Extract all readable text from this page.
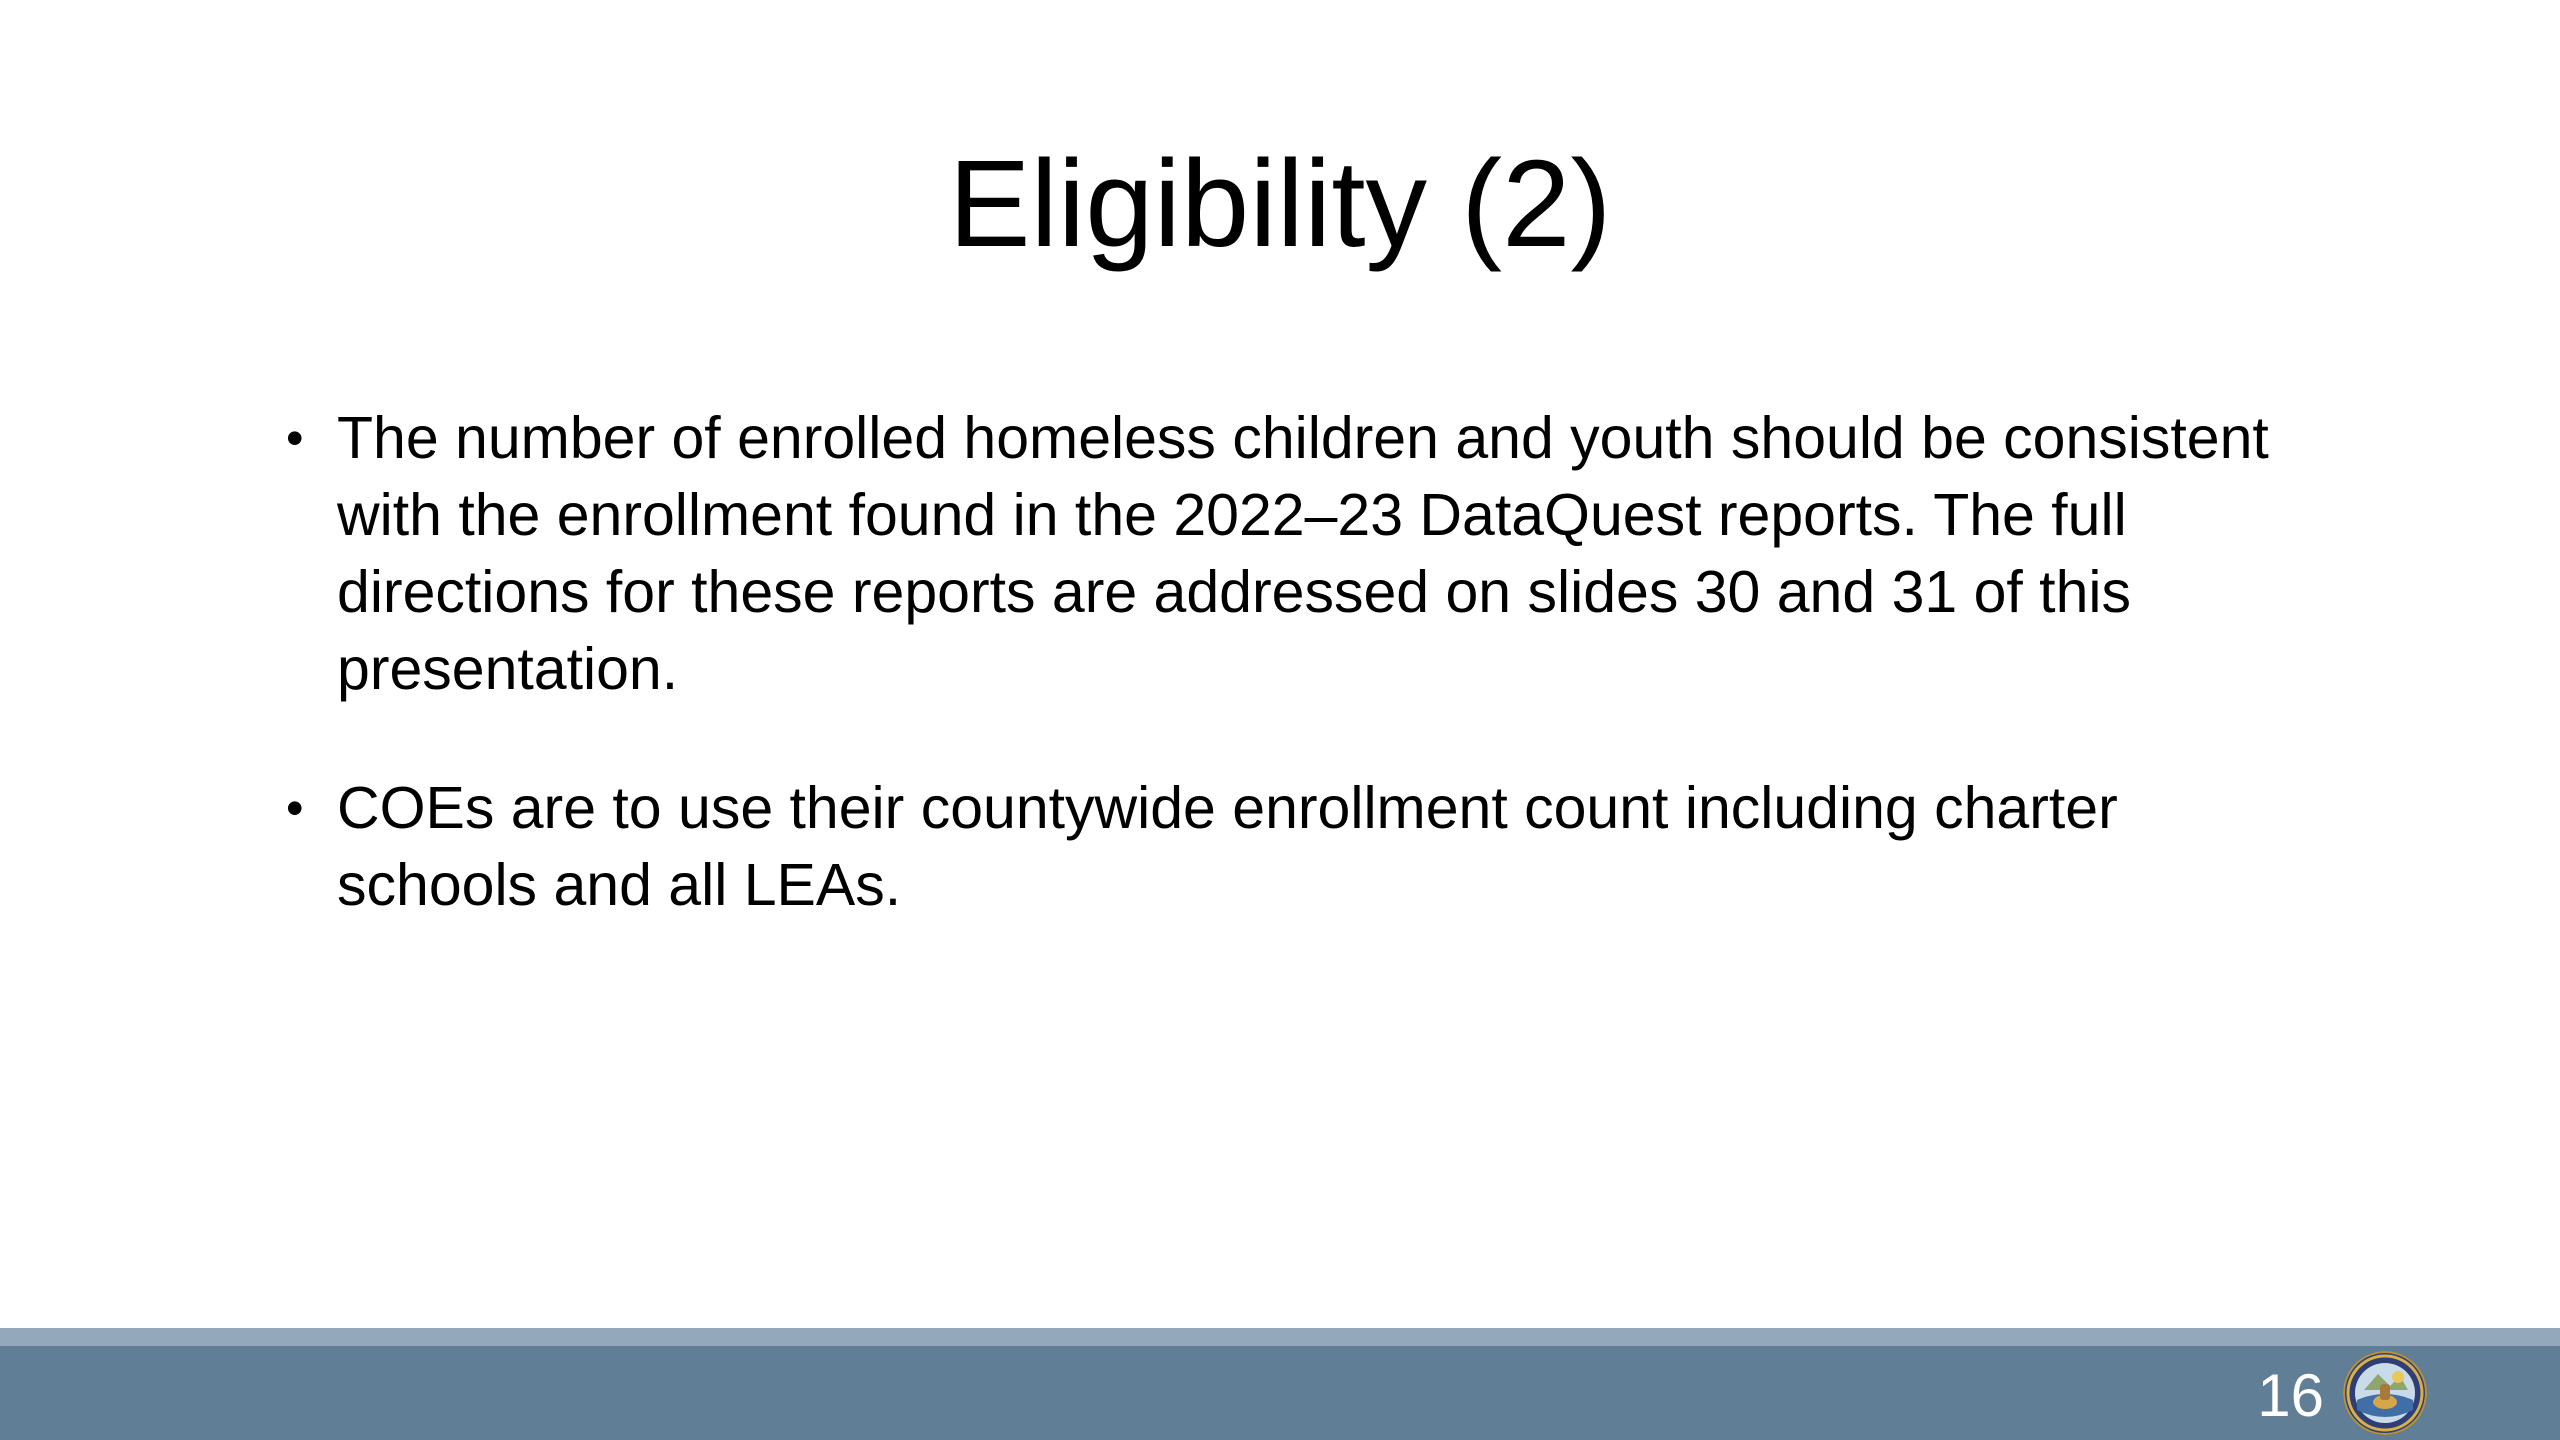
Eligibility (2)
• The number of enrolled homeless children and youth should be consistent with the enrollment found in the 2022–23 DataQuest reports. The full directions for these reports are addressed on slides 30 and 31 of this presentation.
• COEs are to use their countywide enrollment count including charter schools and all LEAs.
16
